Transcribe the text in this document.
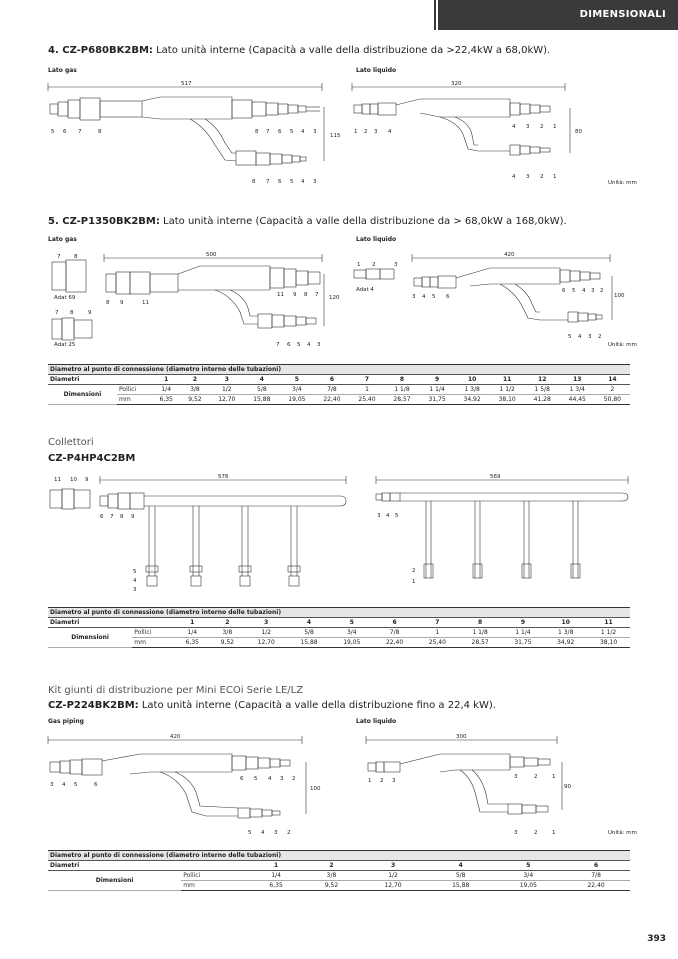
DIMENSIONALI
4. CZ-P680BK2BM: Lato unità interne (Capacità a valle della distribuzione da >22,4kW a 68,0kW).
Lato gas	Lato liquido
517
115
320
80
5 6 7	8	8 7 6 5 4 3
8 7 6 5 4 3
1 2 3 4
4 3 2 1
4 3 2 1
Unità: mm
5. CZ-P1350BK2BM: Lato unità interne (Capacità a valle della distribuzione da > 68,0kW a 168,0kW).
Lato gas	Lato liquido
7 8
7 8	9
500
120
420
100
8 9	11
11 9 8 7
7 6 5 4 3
1 2	3
3 4 5 6
6 5 4 3 2
5 4 3 2
Adat 69
Adat 25
Adat 4
Unità: mm
Diametro al punto di connessione (diametro interno delle tubazioni)															
Diametri		1	2	3	4	5	6	7	8	9	10	11	12	13	14
Dimensioni	Pollici	1/4	3/8	1/2	5/8	3/4	7/8	1	1 1/8	1 1/4	1 3/8	1 1/2	1 5/8	1 3/4	2
	mm	6,35	9,52	12,70	15,88	19,05	22,40	25,40	28,57	31,75	34,92	38,10	41,28	44,45	50,80
Collettori
CZ-P4HP4C2BM
11 10 9	576	569
6 7 8 9
5
4
3
3 4 5
2
1
Diametro al punto di connessione (diametro interno delle tubazioni)												
Diametri		1	2	3	4	5	6	7	8	9	10	11
Dimensioni	Pollici	1/4	3/8	1/2	5/8	3/4	7/8	1	1 1/8	1 1/4	1 3/8	1 1/2
	mm	6,35	9,52	12,70	15,88	19,05	22,40	25,40	28,57	31,75	34,92	38,10
Kit giunti di distribuzione per Mini ECOi Serie LE/LZ
CZ-P224BK2BM: Lato unità interne (Capacità a valle della distribuzione fino a 22,4 kW).
Gas piping	Lato liquido
420
100
300
90
3 4 5	6
6 5 4 3 2
5 4 3 2
1 2 3
3	2	1
3	2	1	Unità: mm
Diametro al punto di connessione (diametro interno delle tubazioni)							
Diametri		1	2	3	4	5	6
Dimensioni	Pollici	1/4	3/8	1/2	5/8	3/4	7/8
	mm	6,35	9,52	12,70	15,88	19,05	22,40
393
